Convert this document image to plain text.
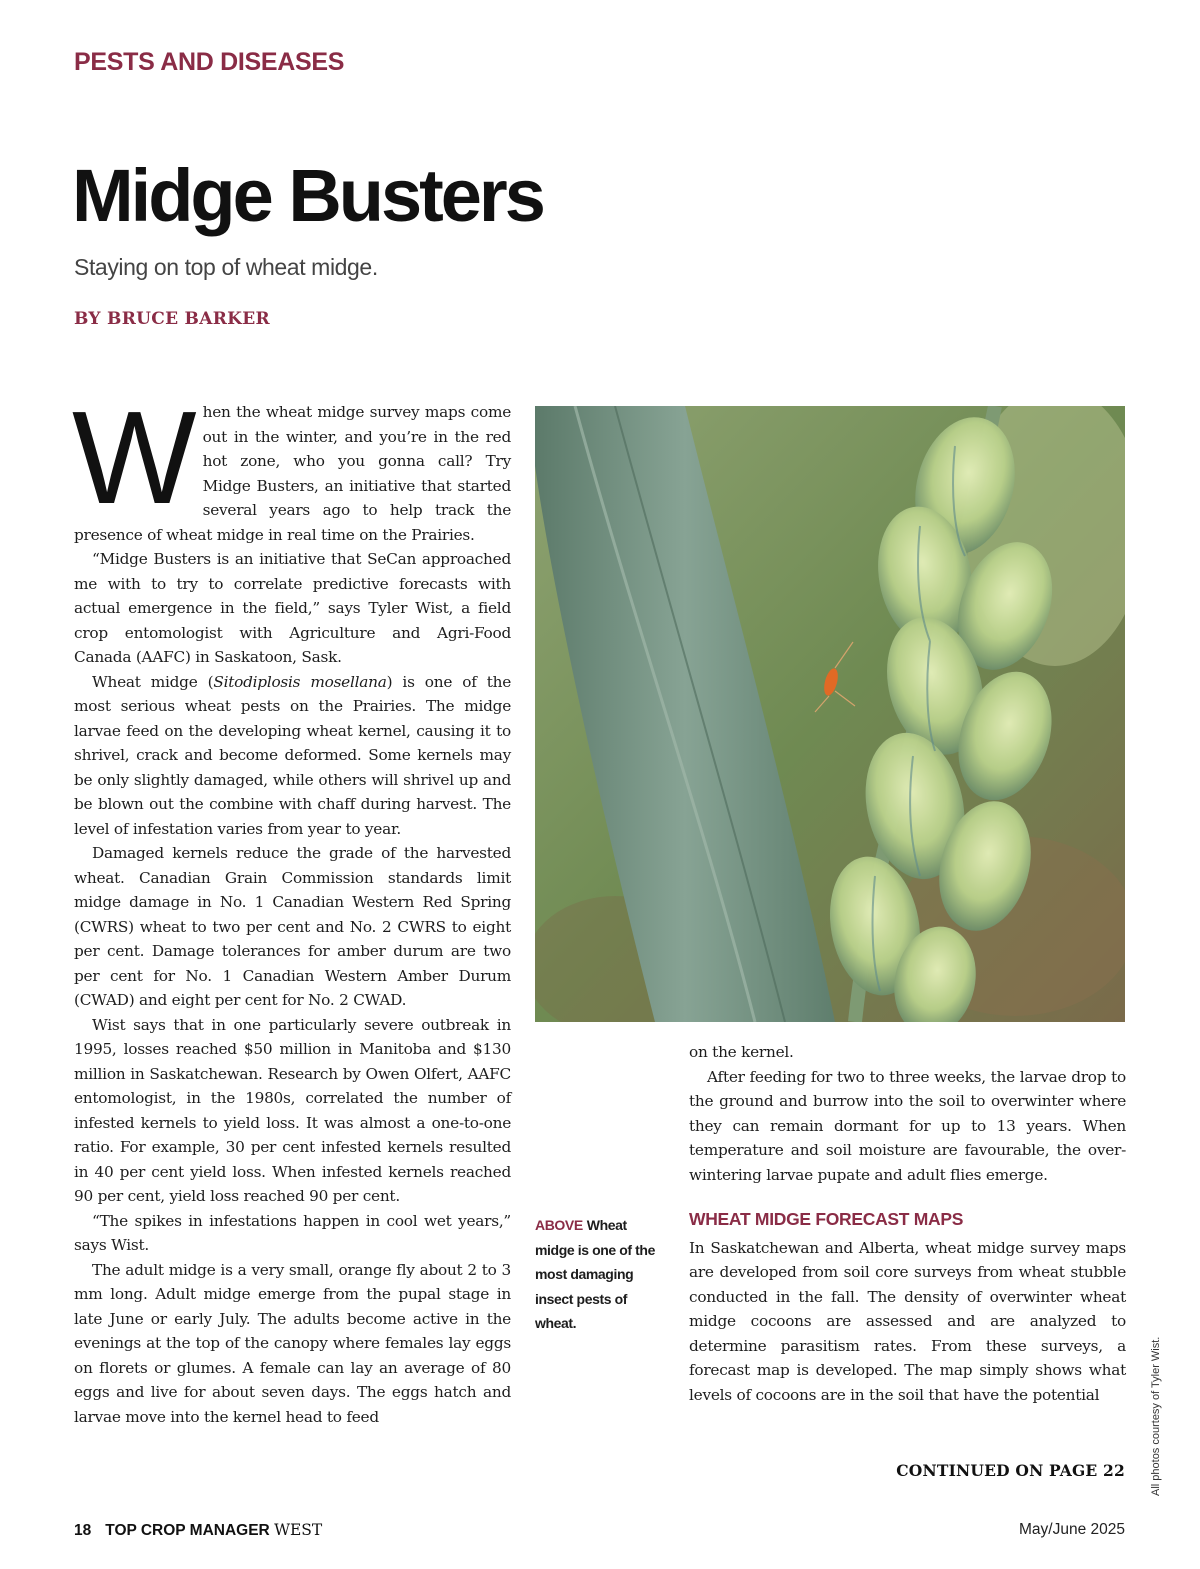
PESTS AND DISEASES
Midge Busters
Staying on top of wheat midge.
BY BRUCE BARKER

When the wheat midge survey maps come out in the winter, and you’re in the red hot zone, who you gonna call? Try Midge Busters, an initiative that started several years ago to help track the presence of wheat midge in real time on the Prairies.

“Midge Busters is an initiative that SeCan approached me with to try to correlate predictive forecasts with actual emergence in the field,” says Tyler Wist, a field crop entomologist with Agriculture and Agri-Food Canada (AAFC) in Saskatoon, Sask.

Wheat midge (Sitodiplosis mosellana) is one of the most serious wheat pests on the Prairies. The midge larvae feed on the developing wheat kernel, causing it to shrivel, crack and become deformed. Some kernels may be only slightly damaged, while others will shrivel up and be blown out the combine with chaff during harvest. The level of infestation varies from year to year.

Damaged kernels reduce the grade of the harvested wheat. Canadian Grain Commission standards limit midge damage in No. 1 Canadian Western Red Spring (CWRS) wheat to two per cent and No. 2 CWRS to eight per cent. Damage tolerances for amber durum are two per cent for No. 1 Canadian Western Amber Durum (CWAD) and eight per cent for No. 2 CWAD.

Wist says that in one particularly severe outbreak in 1995, losses reached $50 million in Manitoba and $130 million in Saskatchewan. Research by Owen Olfert, AAFC entomologist, in the 1980s, correlated the number of infested kernels to yield loss. It was almost a one-to-one ratio. For example, 30 per cent infested kernels resulted in 40 per cent yield loss. When infested kernels reached 90 per cent, yield loss reached 90 per cent.

“The spikes in infestations happen in cool wet years,” says Wist.

The adult midge is a very small, orange fly about 2 to 3 mm long. Adult midge emerge from the pupal stage in late June or early July. The adults become active in the evenings at the top of the canopy where females lay eggs on florets or glumes. A female can lay an average of 80 eggs and live for about seven days. The eggs hatch and larvae move into the kernel head to feed

ABOVE Wheat midge is one of the most damaging insect pests of wheat.

on the kernel.

After feeding for two to three weeks, the larvae drop to the ground and burrow into the soil to overwinter where they can remain dormant for up to 13 years. When temperature and soil moisture are favourable, the over-wintering larvae pupate and adult flies emerge.

WHEAT MIDGE FORECAST MAPS

In Saskatchewan and Alberta, wheat midge survey maps are developed from soil core surveys from wheat stubble conducted in the fall. The density of overwinter wheat midge cocoons are assessed and are analyzed to determine parasitism rates. From these surveys, a forecast map is developed. The map simply shows what levels of cocoons are in the soil that have the potential

CONTINUED ON PAGE 22 All photos courtesy of Tyler Wist.
18 TOP CROP MANAGER WEST	May/June 2025
